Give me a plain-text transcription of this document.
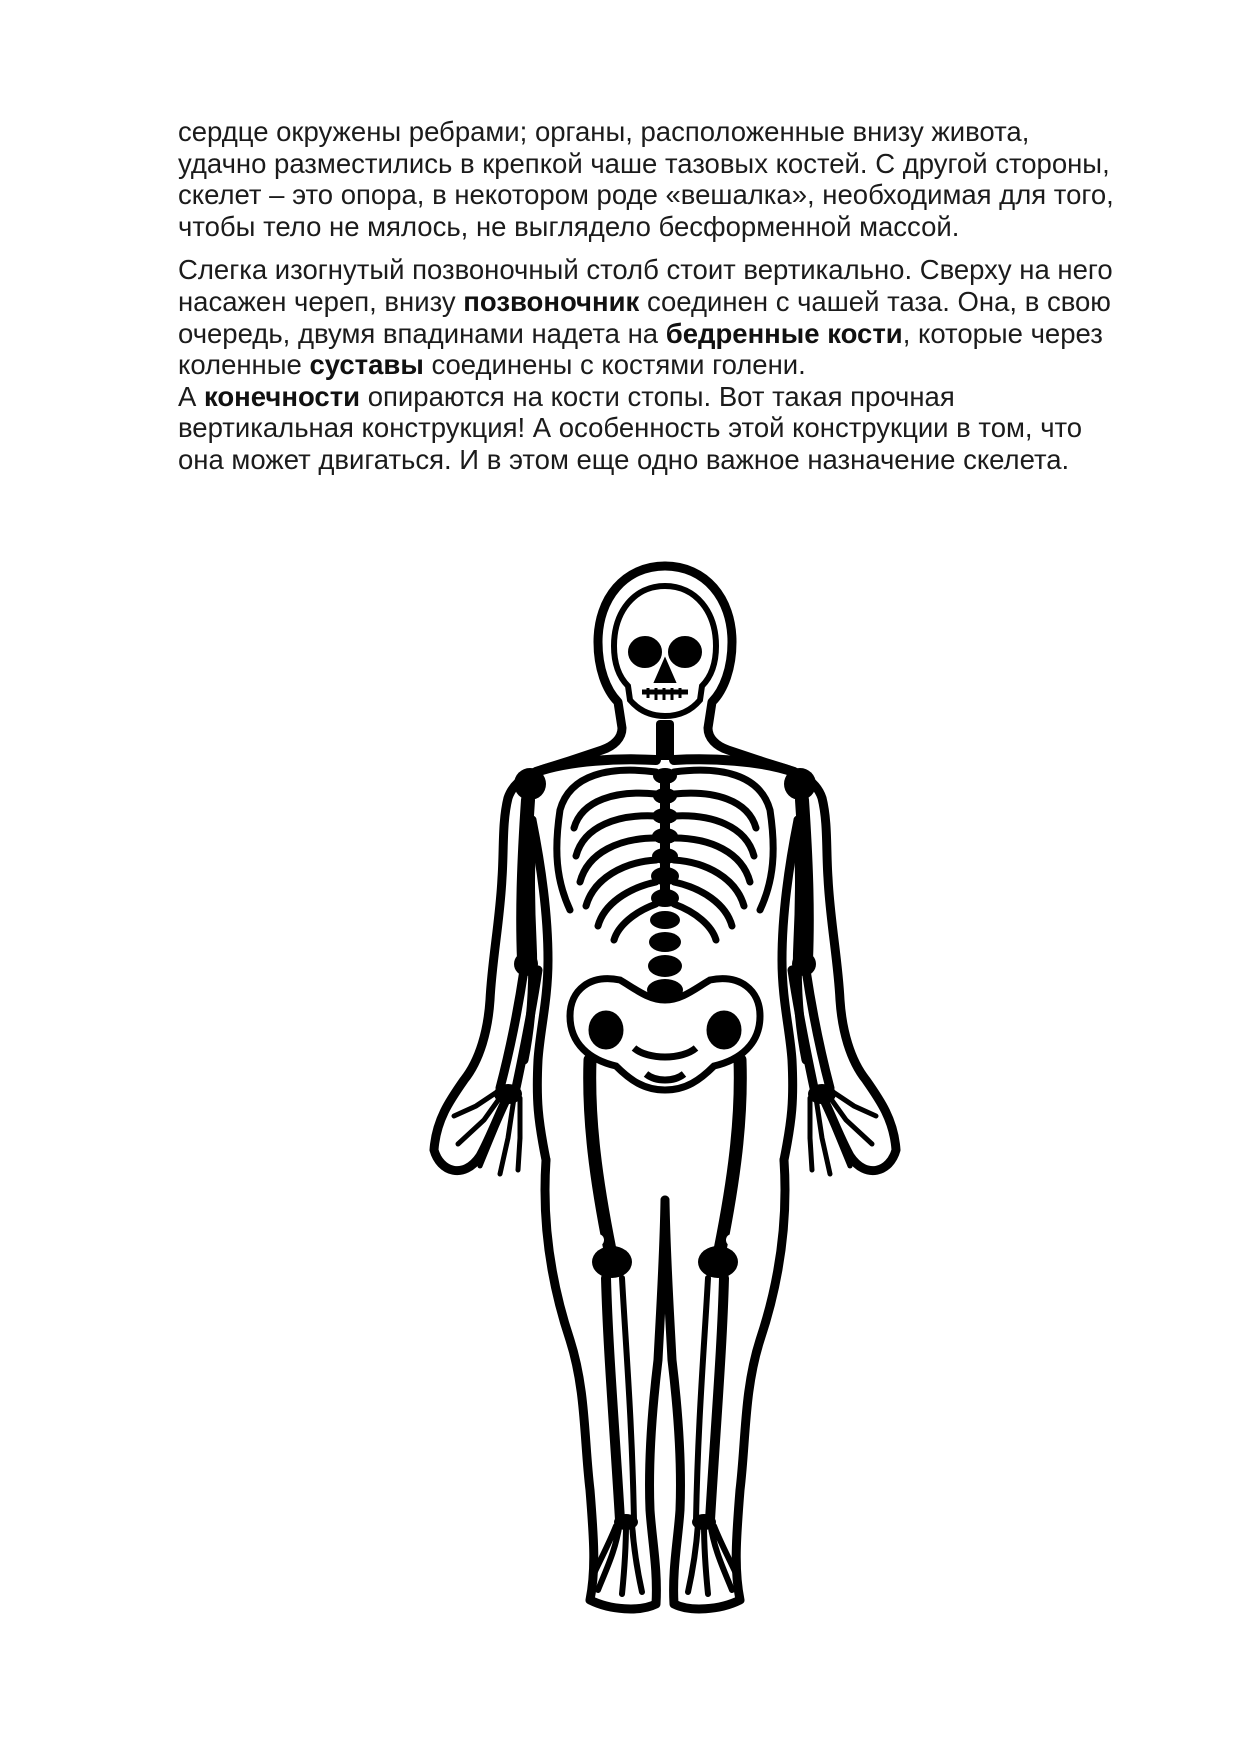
сердце окружены ребрами; органы, расположенные внизу живота,
удачно разместились в крепкой чаше тазовых костей. С другой стороны,
скелет – это опора, в некотором роде «вешалка», необходимая для того,
чтобы тело не мялось, не выглядело бесформенной массой.

Слегка изогнутый позвоночный столб стоит вертикально. Сверху на него
насажен череп, внизу позвоночник соединен с чашей таза. Она, в свою
очередь, двумя впадинами надета на бедренные кости, которые через
коленные суставы соединены с костями голени.
А конечности опираются на кости стопы. Вот такая прочная
вертикальная конструкция! А особенность этой конструкции в том, что
она может двигаться. И в этом еще одно важное назначение скелета.
